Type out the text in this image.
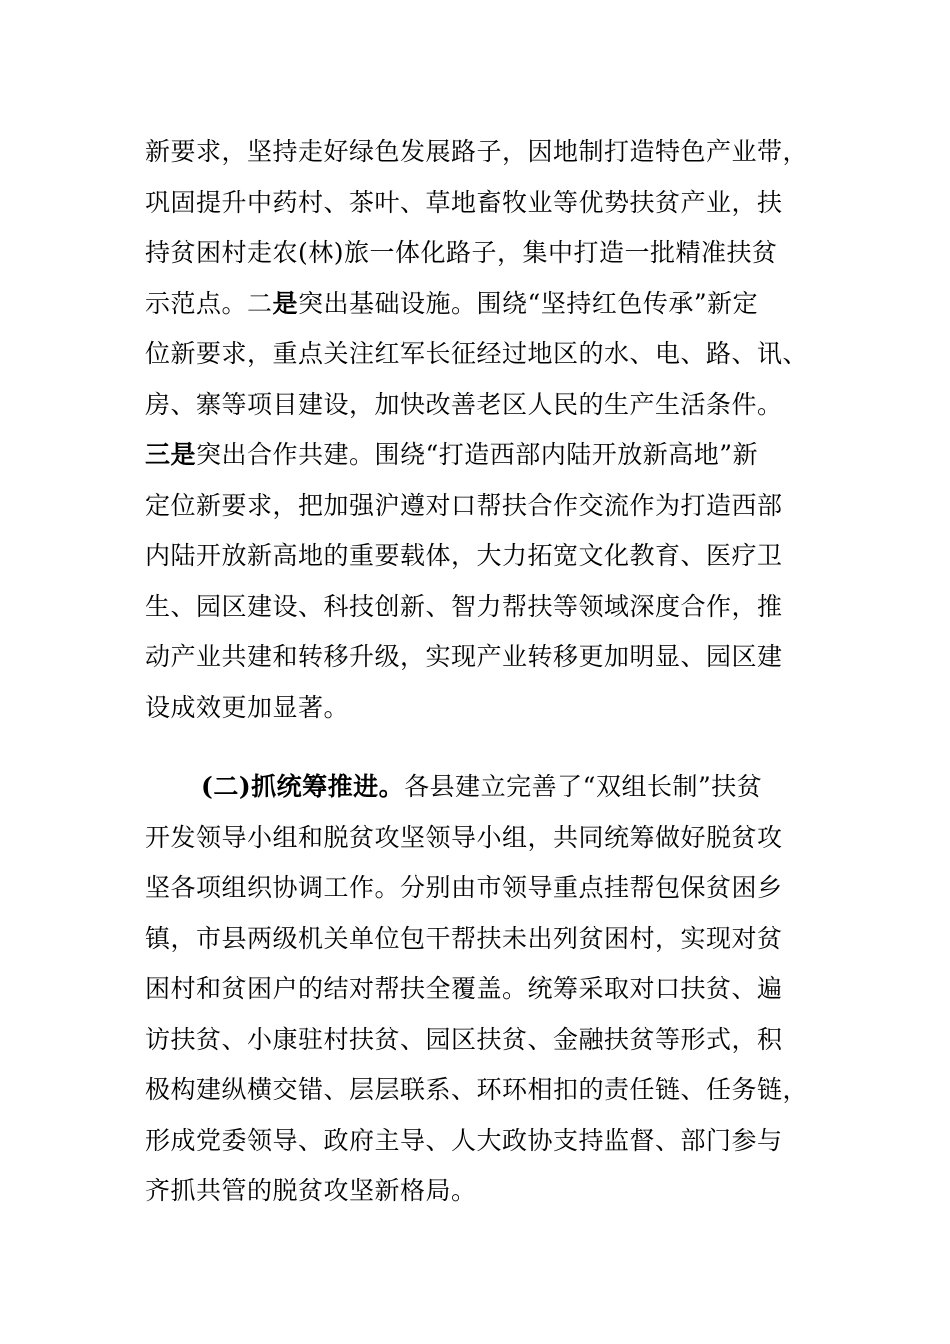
新要求，坚持走好绿色发展路子，因地制打造特色产业带，
巩固提升中药村、茶叶、草地畜牧业等优势扶贫产业，扶
持贫困村走农(林)旅一体化路子，集中打造一批精准扶贫
示范点。二是突出基础设施。围绕“坚持红色传承”新定
位新要求，重点关注红军长征经过地区的水、电、路、讯、
房、寨等项目建设，加快改善老区人民的生产生活条件。
三是突出合作共建。围绕“打造西部内陆开放新高地”新
定位新要求，把加强沪遵对口帮扶合作交流作为打造西部
内陆开放新高地的重要载体，大力拓宽文化教育、医疗卫
生、园区建设、科技创新、智力帮扶等领域深度合作，推
动产业共建和转移升级，实现产业转移更加明显、园区建
设成效更加显著。
(二)抓统筹推进。各县建立完善了“双组长制”扶贫
开发领导小组和脱贫攻坚领导小组，共同统筹做好脱贫攻
坚各项组织协调工作。分别由市领导重点挂帮包保贫困乡
镇，市县两级机关单位包干帮扶未出列贫困村，实现对贫
困村和贫困户的结对帮扶全覆盖。统筹采取对口扶贫、遍
访扶贫、小康驻村扶贫、园区扶贫、金融扶贫等形式，积
极构建纵横交错、层层联系、环环相扣的责任链、任务链，
形成党委领导、政府主导、人大政协支持监督、部门参与
齐抓共管的脱贫攻坚新格局。
